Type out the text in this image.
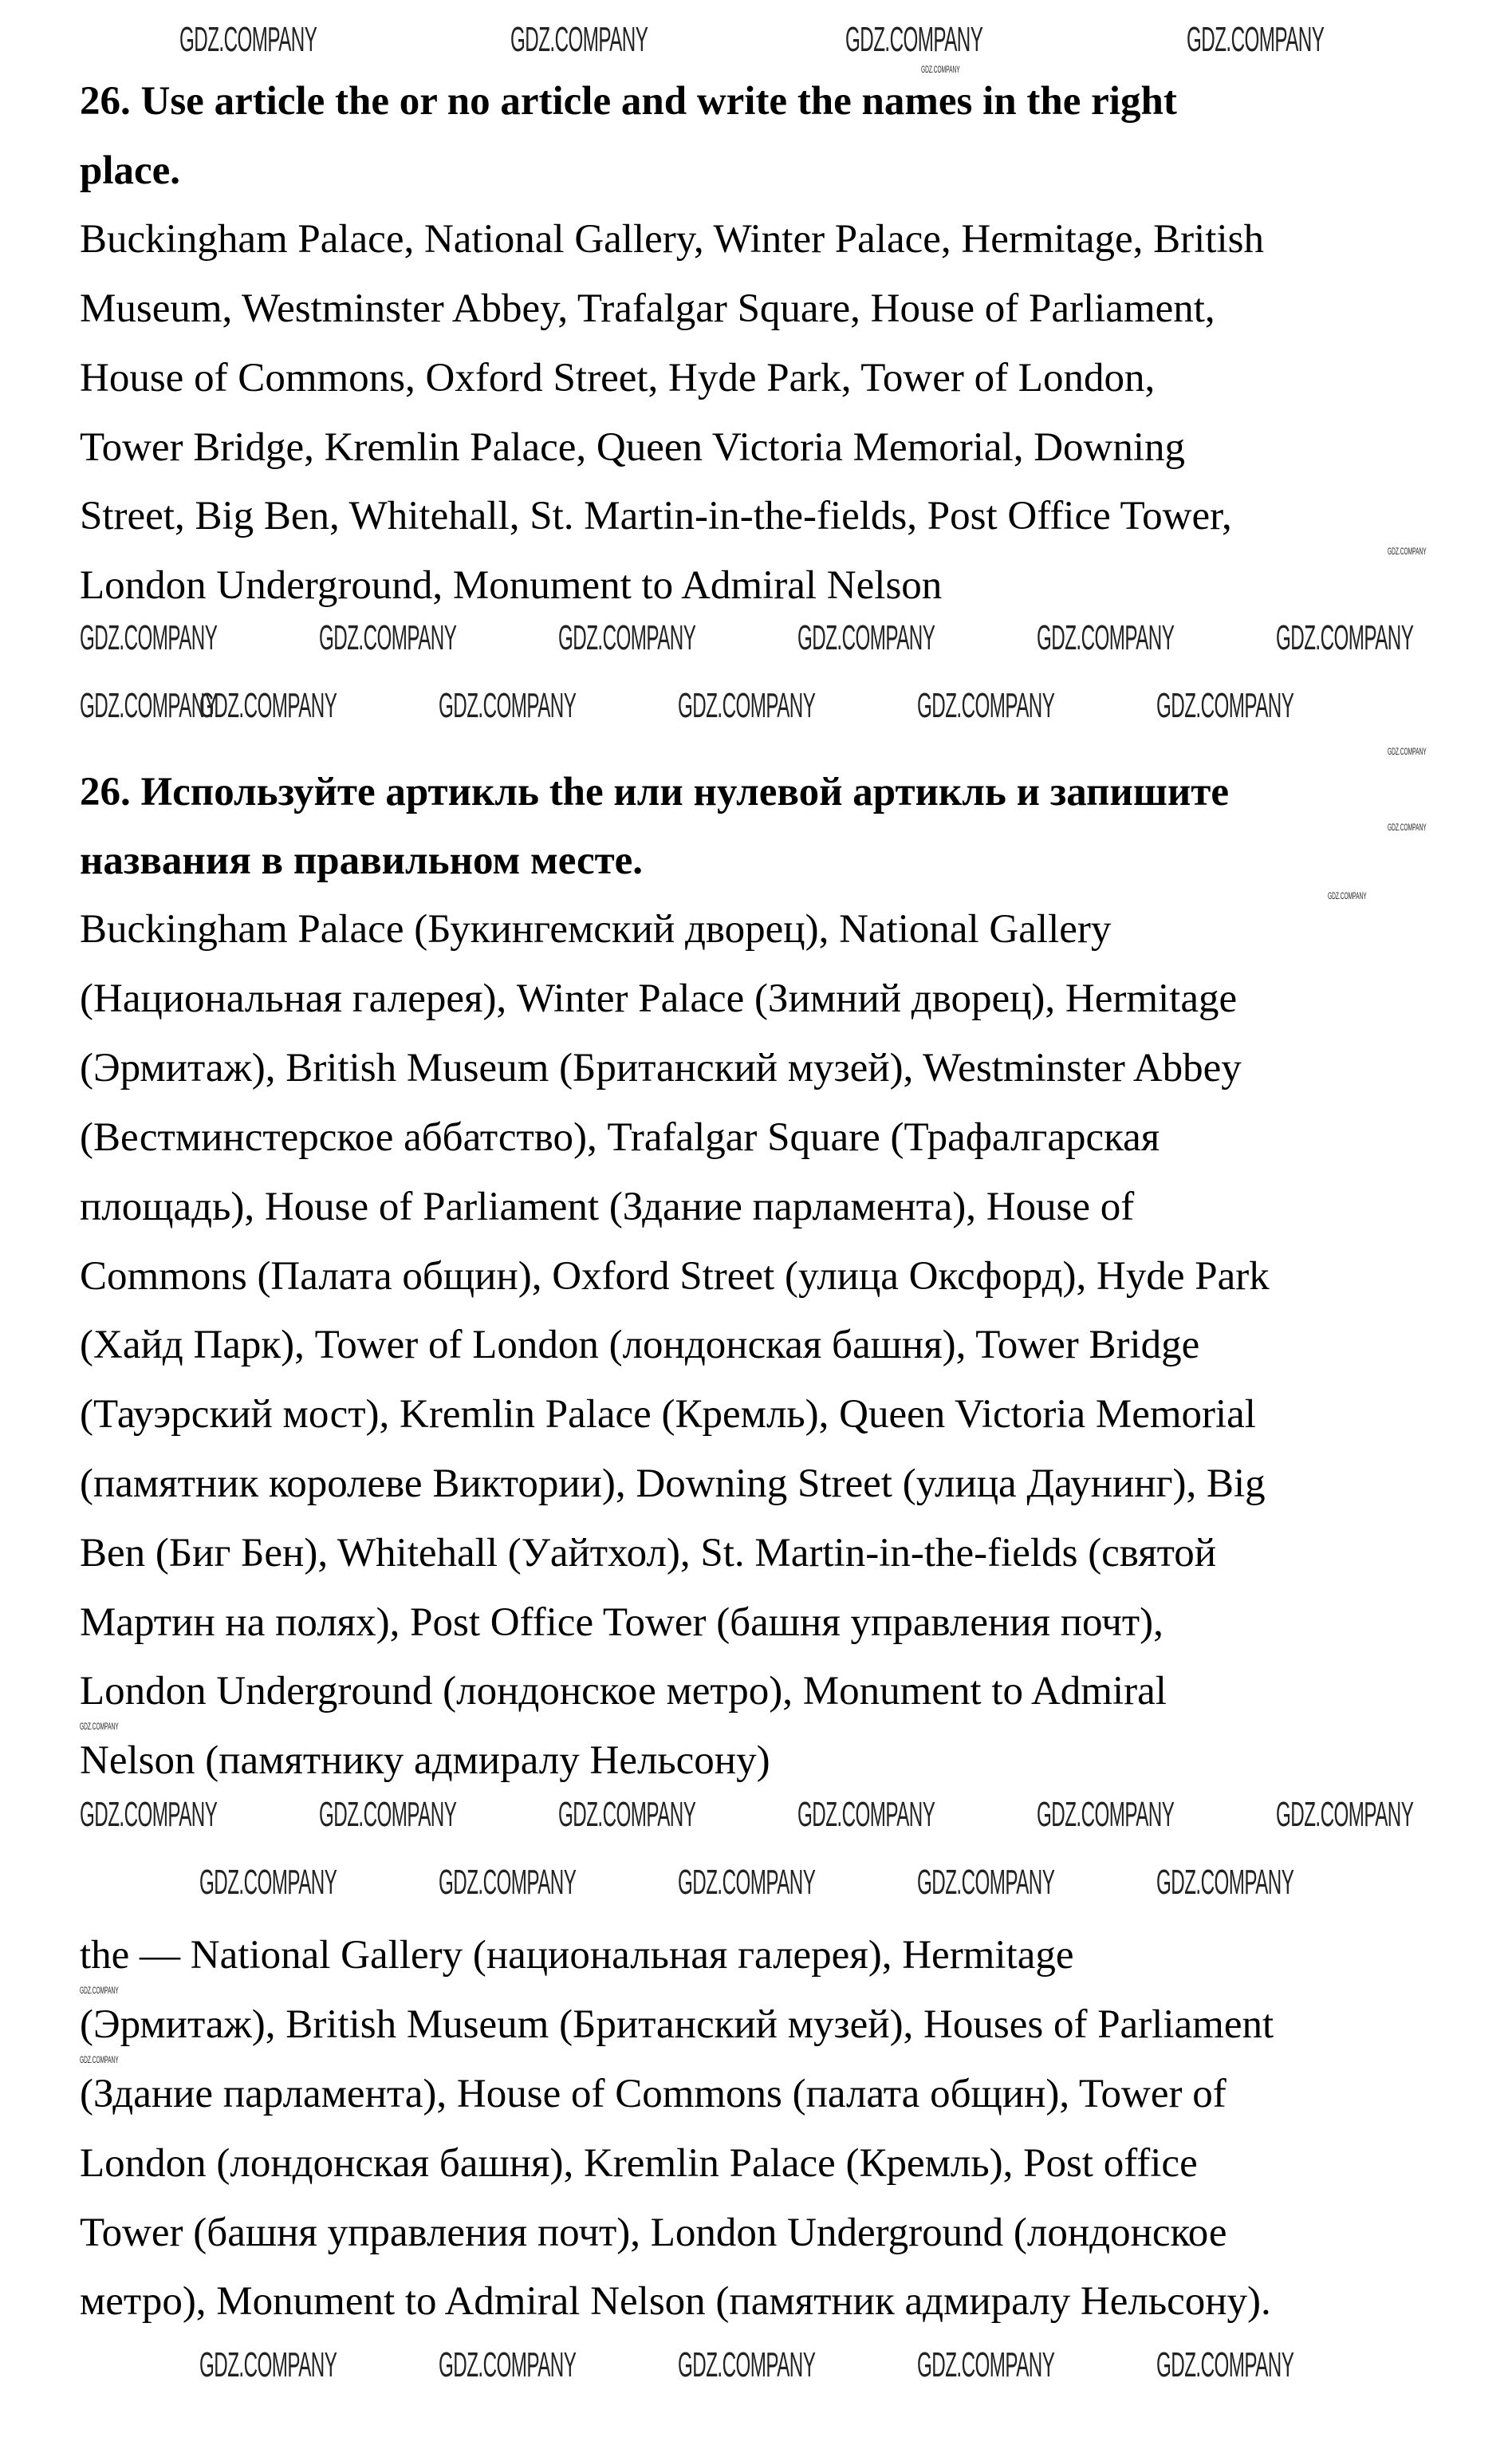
26. Use article the or no article and write the names in the right
place.
Buckingham Palace, National Gallery, Winter Palace, Hermitage, British
Museum, Westminster Abbey, Trafalgar Square, House of Parliament,
House of Commons, Oxford Street, Hyde Park, Tower of London,
Tower Bridge, Kremlin Palace, Queen Victoria Memorial, Downing
Street, Big Ben, Whitehall, St. Martin-in-the-fields, Post Office Tower,
London Underground, Monument to Admiral Nelson
26. Используйте артикль the или нулевой артикль и запишите
названия в правильном месте.
Buckingham Palace (Букингемский дворец), National Gallery
(Национальная галерея), Winter Palace (Зимний дворец), Hermitage
(Эрмитаж), British Museum (Британский музей), Westminster Abbey
(Вестминстерское аббатство), Trafalgar Square (Трафалгарская
площадь), House of Parliament (Здание парламента), House of
Commons (Палата общин), Oxford Street (улица Оксфорд), Hyde Park
(Хайд Парк), Tower of London (лондонская башня), Tower Bridge
(Тауэрский мост), Kremlin Palace (Кремль), Queen Victoria Memorial
(памятник королеве Виктории), Downing Street (улица Даунинг), Big
Ben (Биг Бен), Whitehall (Уайтхол), St. Martin-in-the-fields (святой
Мартин на полях), Post Office Tower (башня управления почт),
London Underground (лондонское метро), Monument to Admiral
Nelson (памятнику адмиралу Нельсону)
the — National Gallery (национальная галерея), Hermitage
(Эрмитаж), British Museum (Британский музей), Houses of Parliament
(Здание парламента), House of Commons (палата общин), Tower of
London (лондонская башня), Kremlin Palace (Кремль), Post office
Tower (башня управления почт), London Underground (лондонское
метро), Monument to Admiral Nelson (памятник адмиралу Нельсону).
GDZ.COMPANY	GDZ.COMPANY	GDZ.COMPANY	GDZ.COMPANY
GDZ.COMPANY	GDZ.COMPANY	GDZ.COMPANY	GDZ.COMPANY	GDZ.COMPANY	GDZ.COMPANY
GDZ.COMPANY	GDZ.COMPANY	GDZ.COMPANY	GDZ.COMPANY	GDZ.COMPANY
GDZ.COMPANY
GDZ.COMPANY	GDZ.COMPANY	GDZ.COMPANY	GDZ.COMPANY	GDZ.COMPANY	GDZ.COMPANY
GDZ.COMPANY	GDZ.COMPANY	GDZ.COMPANY	GDZ.COMPANY	GDZ.COMPANY
GDZ.COMPANY	GDZ.COMPANY	GDZ.COMPANY	GDZ.COMPANY	GDZ.COMPANY
GDZ.COMPANY
GDZ.COMPANY
GDZ.COMPANY
GDZ.COMPANY
GDZ.COMPANY
GDZ.COMPANY
GDZ.COMPANY
GDZ.COMPANY
